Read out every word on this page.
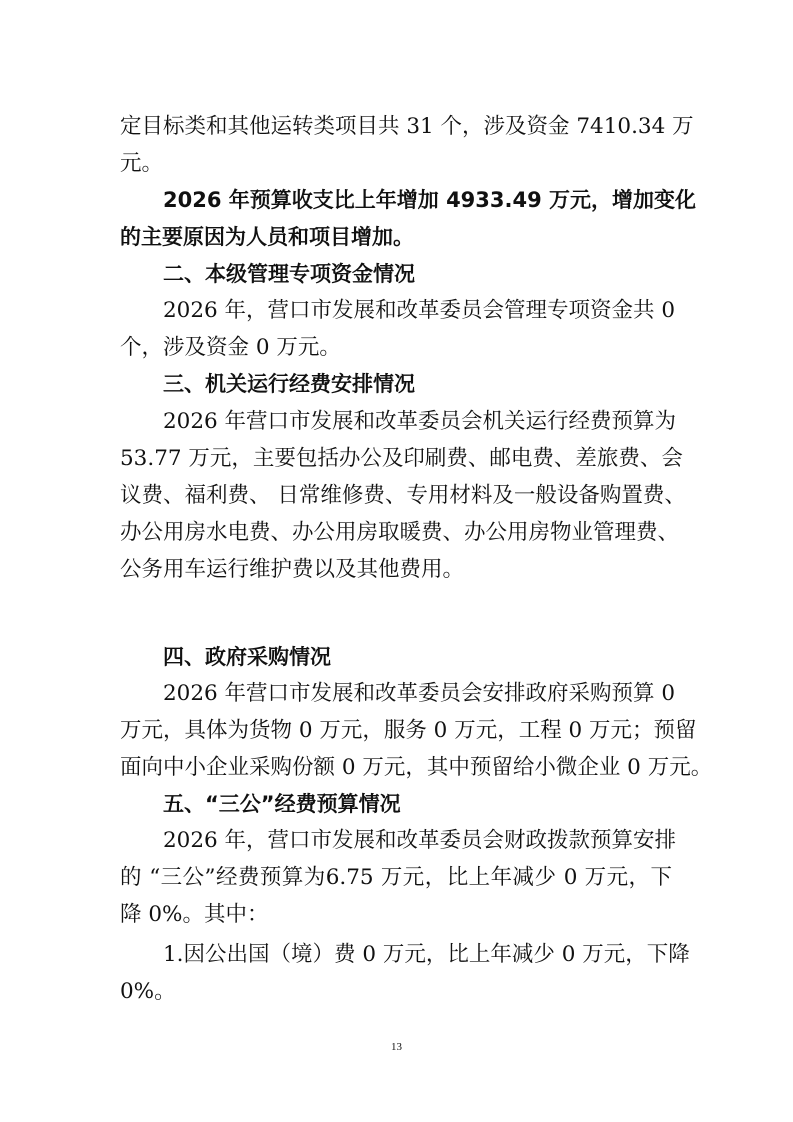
定目标类和其他运转类项目共 31 个，涉及资金 7410.34 万
元。
2026 年预算收支比上年增加 4933.49 万元，增加变化
的主要原因为人员和项目增加。
二、本级管理专项资金情况
2026 年，营口市发展和改革委员会管理专项资金共 0
个，涉及资金 0 万元。
三、机关运行经费安排情况
2026 年营口市发展和改革委员会机关运行经费预算为
53.77 万元，主要包括办公及印刷费、邮电费、差旅费、会
议费、福利费、 日常维修费、专用材料及一般设备购置费、
办公用房水电费、办公用房取暖费、办公用房物业管理费、
公务用车运行维护费以及其他费用。
四、政府采购情况
2026 年营口市发展和改革委员会安排政府采购预算 0
万元，具体为货物 0 万元，服务 0 万元，工程 0 万元；预留
面向中小企业采购份额 0 万元，其中预留给小微企业 0 万元。
五、“三公”经费预算情况
2026 年，营口市发展和改革委员会财政拨款预算安排
的 “三公”经费预算为6.75 万元，比上年减少 0 万元，下
降 0%。其中：
1.因公出国（境）费 0 万元，比上年减少 0 万元，下降
0%。
13
